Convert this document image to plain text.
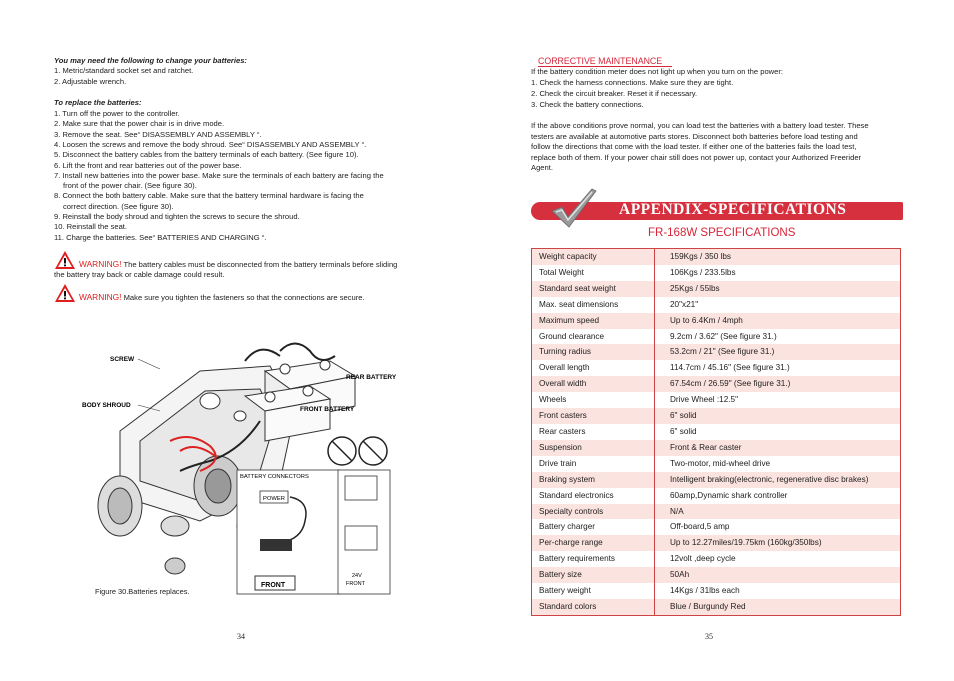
You may need the following to change your batteries:
1. Metric/standard socket set and ratchet.
2. Adjustable wrench.
To replace the batteries:
1. Turn off the power to the controller.
2. Make sure that the power chair is in drive mode.
3. Remove the seat. See“ DISASSEMBLY AND ASSEMBLY “.
4. Loosen the screws and remove the body shroud. See“ DISASSEMBLY AND ASSEMBLY “.
5. Disconnect the battery cables from the battery terminals of each battery. (See figure 10).
6. Lift the front and rear batteries out of the power base.
7. Install new batteries into the power base. Make sure the terminals of each battery are facing the
front of the power chair. (See figure 30).
8. Connect the both battery cable. Make sure that the battery terminal hardware is facing the
correct direction. (See figure 30).
9. Reinstall the body shroud and tighten the screws to secure the shroud.
10. Reinstall the seat.
11. Charge the batteries. See“ BATTERIES AND CHARGING “.
WARNING! The battery cables must be disconnected from the battery terminals before sliding
the battery tray back or cable damage could result.
WARNING! Make sure you tighten the fasteners so that the connections are secure.
SCREW
BODY SHROUD
REAR BATTERY
FRONT BATTERY
BATTERY CONNECTORS
POWER
FRONT
24V
FRONT
Figure 30.Batteries replaces.
34
CORRECTIVE MAINTENANCE
If the battery condition meter does not light up when you turn on the power:
1. Check the harness connections. Make sure they are tight.
2. Check the circuit breaker. Reset it if necessary.
3. Check the battery connections.
If the above conditions prove normal, you can load test the batteries with a battery load tester. These
testers are available at automotive parts stores. Disconnect both batteries before load testing and
follow the directions that come with the load tester. If either one of the batteries fails the load test,
replace both of them. If your power chair still does not power up, contact your Authorized Freerider
Agent.
APPENDIX-SPECIFICATIONS
FR-168W SPECIFICATIONS
Weight capacity	159Kgs / 350 lbs
Total Weight	106Kgs / 233.5lbs
Standard seat weight	25Kgs / 55lbs
Max. seat dimensions	20"x21"
Maximum speed	Up to 6.4Km / 4mph
Ground clearance	9.2cm / 3.62" (See figure 31.)
Turning radius	53.2cm / 21" (See figure 31.)
Overall length	114.7cm / 45.16" (See figure 31.)
Overall width	67.54cm / 26.59" (See figure 31.)
Wheels	Drive Wheel :12.5"
Front casters	6" solid
Rear casters	6" solid
Suspension	Front & Rear caster
Drive train	Two-motor, mid-wheel drive
Braking system	Intelligent braking(electronic, regenerative disc brakes)
Standard electronics	60amp,Dynamic shark controller
Specialty controls	N/A
Battery charger	Off-board,5 amp
Per-charge range	Up to 12.27miles/19.75km (160kg/350lbs)
Battery requirements	12volt ,deep cycle
Battery size	50Ah
Battery weight	14Kgs / 31lbs each
Standard colors	Blue / Burgundy Red
35
